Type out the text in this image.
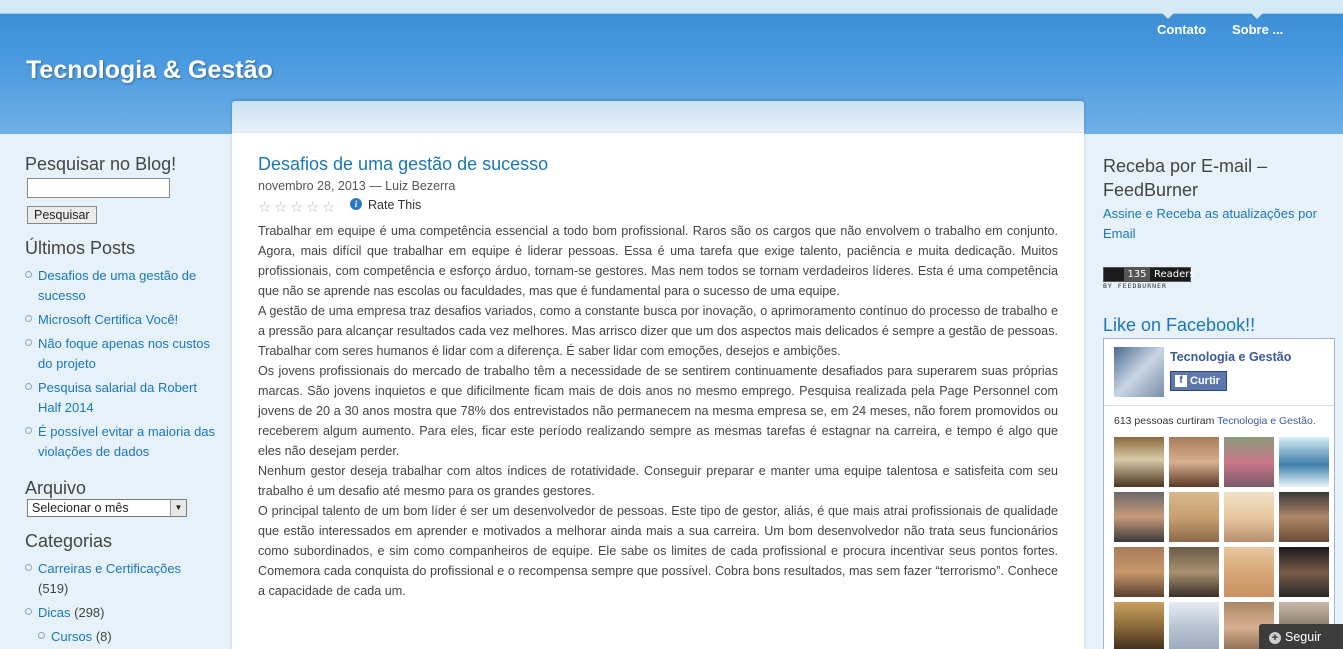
Tecnologia & Gestão
Contato Sobre ...
Desafios de uma gestão de sucesso
novembro 28, 2013 — Luiz Bezerra
☆ ☆ ☆ ☆ ☆	i Rate This

Trabalhar em equipe é uma competência essencial a todo bom profissional. Raros são os cargos que não envolvem o trabalho em conjunto. Agora, mais difícil que trabalhar em equipe é liderar pessoas. Essa é uma tarefa que exige talento, paciência e muita dedicação. Muitos profissionais, com competência e esforço árduo, tornam-se gestores. Mas nem todos se tornam verdadeiros líderes. Esta é uma competência que não se aprende nas escolas ou faculdades, mas que é fundamental para o sucesso de uma equipe.

A gestão de uma empresa traz desafios variados, como a constante busca por inovação, o aprimoramento contínuo do processo de trabalho e a pressão para alcançar resultados cada vez melhores. Mas arrisco dizer que um dos aspectos mais delicados é sempre a gestão de pessoas. Trabalhar com seres humanos é lidar com a diferença. É saber lidar com emoções, desejos e ambições.

Os jovens profissionais do mercado de trabalho têm a necessidade de se sentirem continuamente desafiados para superarem suas próprias marcas. São jovens inquietos e que dificilmente ficam mais de dois anos no mesmo emprego. Pesquisa realizada pela Page Personnel com jovens de 20 a 30 anos mostra que 78% dos entrevistados não permanecem na mesma empresa se, em 24 meses, não forem promovidos ou receberem algum aumento. Para eles, ficar este período realizando sempre as mesmas tarefas é estagnar na carreira, e tempo é algo que eles não desejam perder.

Nenhum gestor deseja trabalhar com altos índices de rotatividade. Conseguir preparar e manter uma equipe talentosa e satisfeita com seu trabalho é um desafio até mesmo para os grandes gestores.

O principal talento de um bom líder é ser um desenvolvedor de pessoas. Este tipo de gestor, aliás, é que mais atrai profissionais de qualidade que estão interessados em aprender e motivados a melhorar ainda mais a sua carreira. Um bom desenvolvedor não trata seus funcionários como subordinados, e sim como companheiros de equipe. Ele sabe os limites de cada profissional e procura incentivar seus pontos fortes. Comemora cada conquista do profissional e o recompensa sempre que possível. Cobra bons resultados, mas sem fazer “terrorismo”. Conhece a capacidade de cada um.

Pesquisar no Blog!
Pesquisar
Últimos Posts
Desafios de uma gestão de sucesso
Microsoft Certifica Você!
Não foque apenas nos custos do projeto
Pesquisa salarial da Robert Half 2014
É possível evitar a maioria das violações de dados
Arquivo
Selecionar o mês	▼
Categorias
Carreiras e Certificações
(519)
Dicas (298)
Cursos (8)
Receba por E-mail – FeedBurner
Assine e Receba as atualizações por Email
135 Readers
BY FEEDBURNER
Like on Facebook!!
Tecnologia e Gestão
f Curtir
613 pessoas curtiram Tecnologia e Gestão.
+ Seguir
